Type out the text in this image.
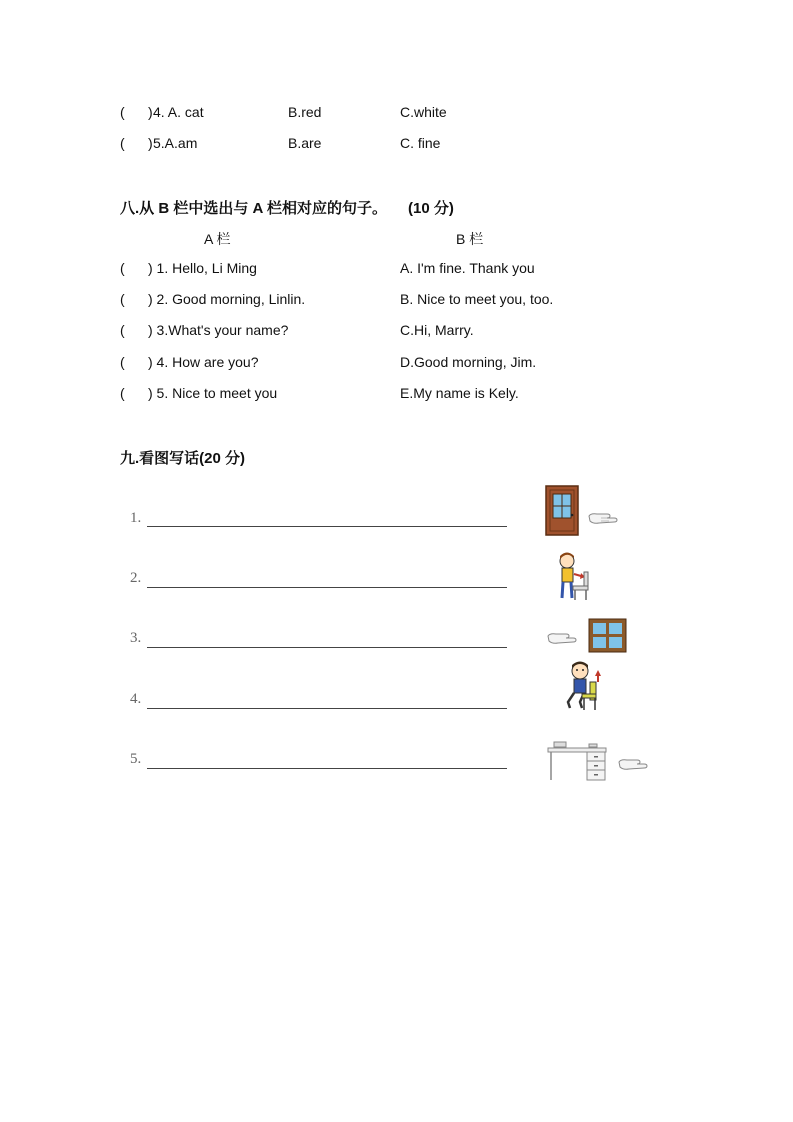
( ) 4. A. cat	B.red	C.white
( ) 5.A.am	B.are	C. fine
八.从 B 栏中选出与 A 栏相对应的句子。 (10 分)
A 栏	B 栏
( ) 1. Hello, Li Ming	A. I'm fine. Thank you
( ) 2. Good morning, Linlin.	B. Nice to meet you, too.
( ) 3.What's your name?	C.Hi, Marry.
( ) 4. How are you?	D.Good morning, Jim.
( ) 5. Nice to meet you	E.My name is Kely.
九.看图写话(20 分)
1.
2.
3.
4.
5.
